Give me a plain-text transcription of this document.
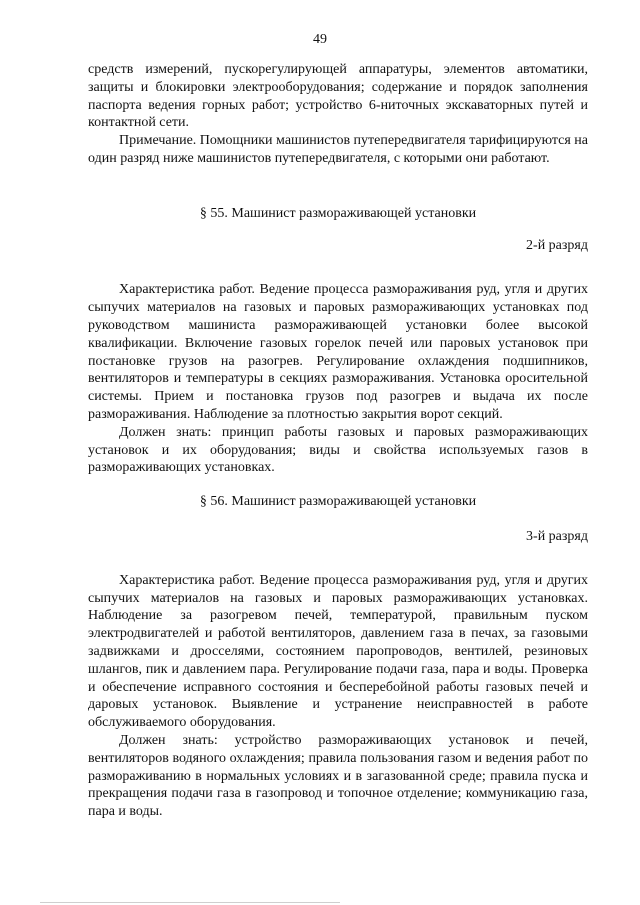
49

средств измерений, пускорегулирующей аппаратуры, элементов автоматики, защиты и блокировки электрооборудования; содержание и порядок заполнения паспорта ведения горных работ; устройство 6-ниточных экскаваторных путей и контактной сети.

Примечание. Помощники машинистов путепередвигателя тарифицируются на один разряд ниже машинистов путепередвигателя, с которыми они работают.

§ 55. Машинист размораживающей установки

2-й разряд

Характеристика работ. Ведение процесса размораживания руд, угля и других сыпучих материалов на газовых и паровых размораживающих установках под руководством машиниста размораживающей установки более высокой квалификации. Включение газовых горелок печей или паровых установок при постановке грузов на разогрев. Регулирование охлаждения подшипников, вентиляторов и температуры в секциях размораживания. Установка оросительной системы. Прием и постановка грузов под разогрев и выдача их после размораживания. Наблюдение за плотностью закрытия ворот секций.

Должен знать: принцип работы газовых и паровых размораживающих установок и их оборудования; виды и свойства используемых газов в размораживающих установках.

§ 56. Машинист размораживающей установки

3-й разряд

Характеристика работ. Ведение процесса размораживания руд, угля и других сыпучих материалов на газовых и паровых размораживающих установках. Наблюдение за разогревом печей, температурой, правильным пуском электродвигателей и работой вентиляторов, давлением газа в печах, за газовыми задвижками и дросселями, состоянием паропроводов, вентилей, резиновых шлангов, пик и давлением пара. Регулирование подачи газа, пара и воды. Проверка и обеспечение исправного состояния и бесперебойной работы газовых печей и даровых установок. Выявление и устранение неисправностей в работе обслуживаемого оборудования.

Должен знать: устройство размораживающих установок и печей, вентиляторов водяного охлаждения; правила пользования газом и ведения работ по размораживанию в нормальных условиях и в загазованной среде; правила пуска и прекращения подачи газа в газопровод и топочное отделение; коммуникацию газа, пара и воды.
